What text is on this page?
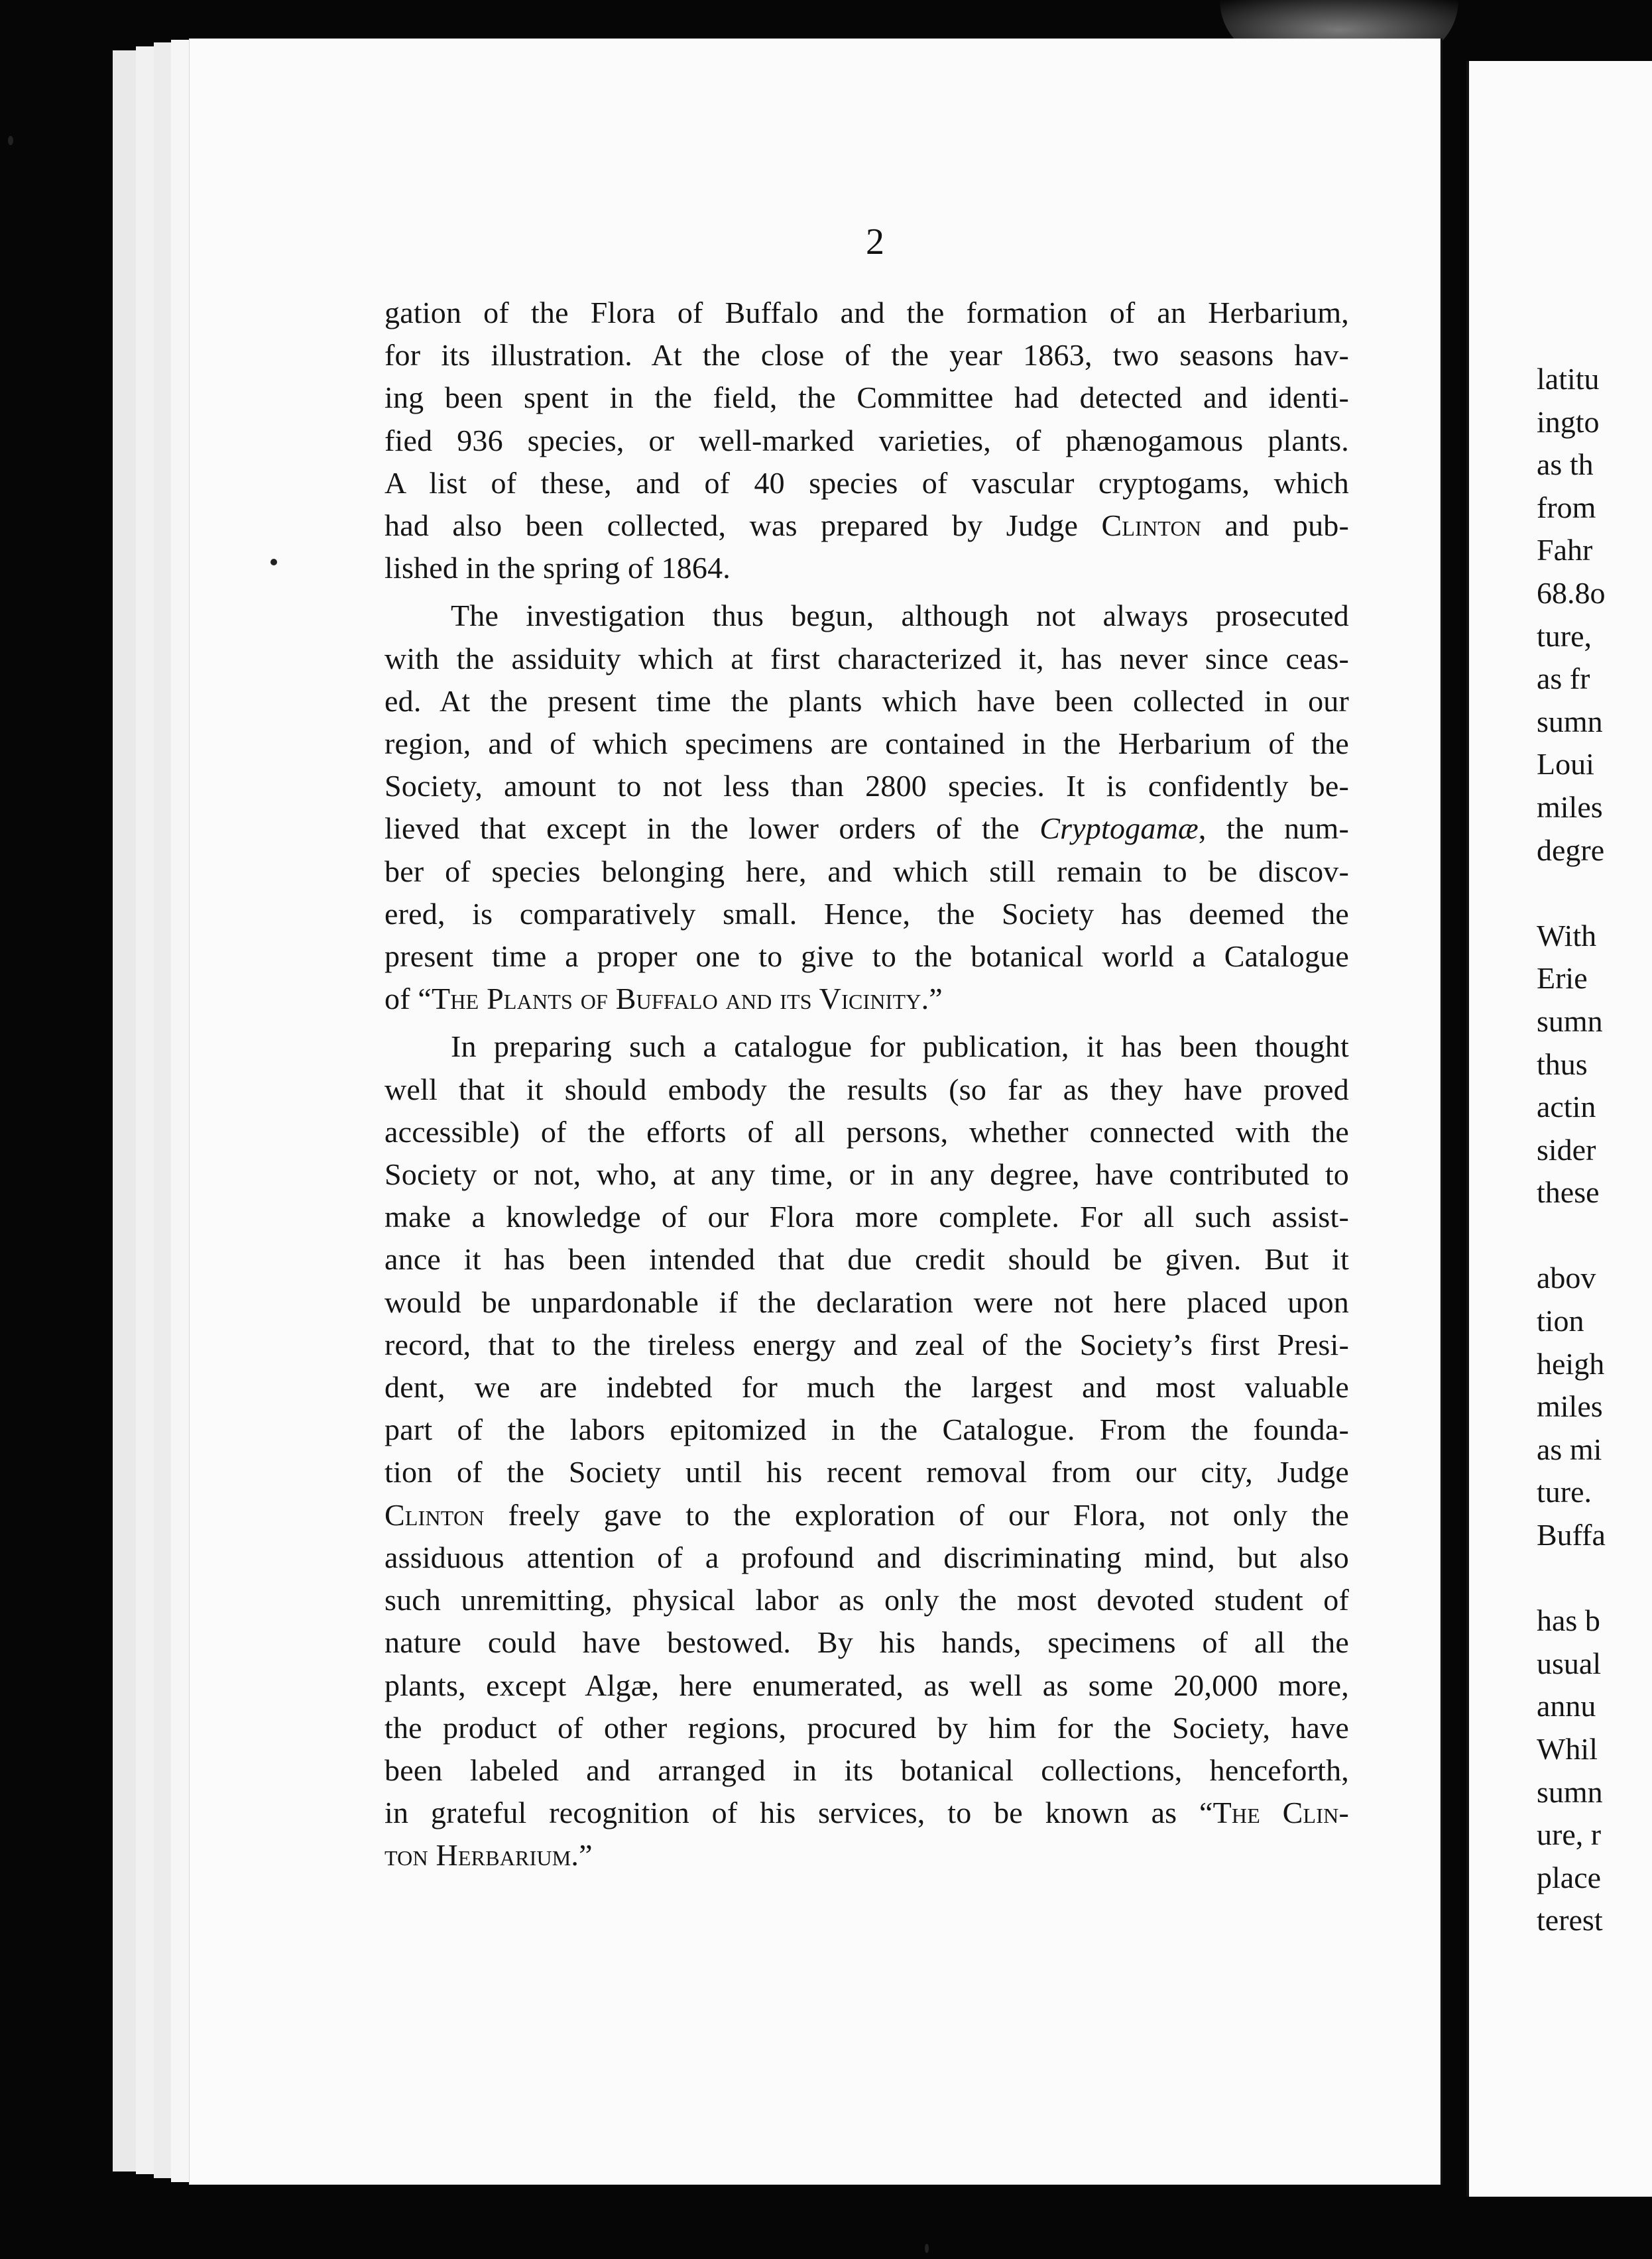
2
gation of the Flora of Buffalo and the formation of an Herbarium,
for its illustration. At the close of the year 1863, two seasons hav-
ing been spent in the field, the Committee had detected and identi-
fied 936 species, or well-marked varieties, of phænogamous plants.
A list of these, and of 40 species of vascular cryptogams, which
had also been collected, was prepared by Judge Clinton and pub-
lished in the spring of 1864.
The investigation thus begun, although not always prosecuted
with the assiduity which at first characterized it, has never since ceas-
ed. At the present time the plants which have been collected in our
region, and of which specimens are contained in the Herbarium of the
Society, amount to not less than 2800 species. It is confidently be-
lieved that except in the lower orders of the Cryptogamæ, the num-
ber of species belonging here, and which still remain to be discov-
ered, is comparatively small. Hence, the Society has deemed the
present time a proper one to give to the botanical world a Catalogue
of “The Plants of Buffalo and its Vicinity.”
In preparing such a catalogue for publication, it has been thought
well that it should embody the results (so far as they have proved
accessible) of the efforts of all persons, whether connected with the
Society or not, who, at any time, or in any degree, have contributed to
make a knowledge of our Flora more complete. For all such assist-
ance it has been intended that due credit should be given. But it
would be unpardonable if the declaration were not here placed upon
record, that to the tireless energy and zeal of the Society’s first Presi-
dent, we are indebted for much the largest and most valuable
part of the labors epitomized in the Catalogue. From the founda-
tion of the Society until his recent removal from our city, Judge
Clinton freely gave to the exploration of our Flora, not only the
assiduous attention of a profound and discriminating mind, but also
such unremitting, physical labor as only the most devoted student of
nature could have bestowed. By his hands, specimens of all the
plants, except Algæ, here enumerated, as well as some 20,000 more,
the product of other regions, procured by him for the Society, have
been labeled and arranged in its botanical collections, henceforth,
in grateful recognition of his services, to be known as “The Clin-
ton Herbarium.”
latitu
ingto
as th
from
Fahr
68.8o
ture,
as fr
sumn
Loui
miles
degre
With
Erie
sumn
thus
actin
sider
these
abov
tion
heigh
miles
as mi
ture.
Buffa
has b
usual
annu
Whil
sumn
ure, r
place
terest
